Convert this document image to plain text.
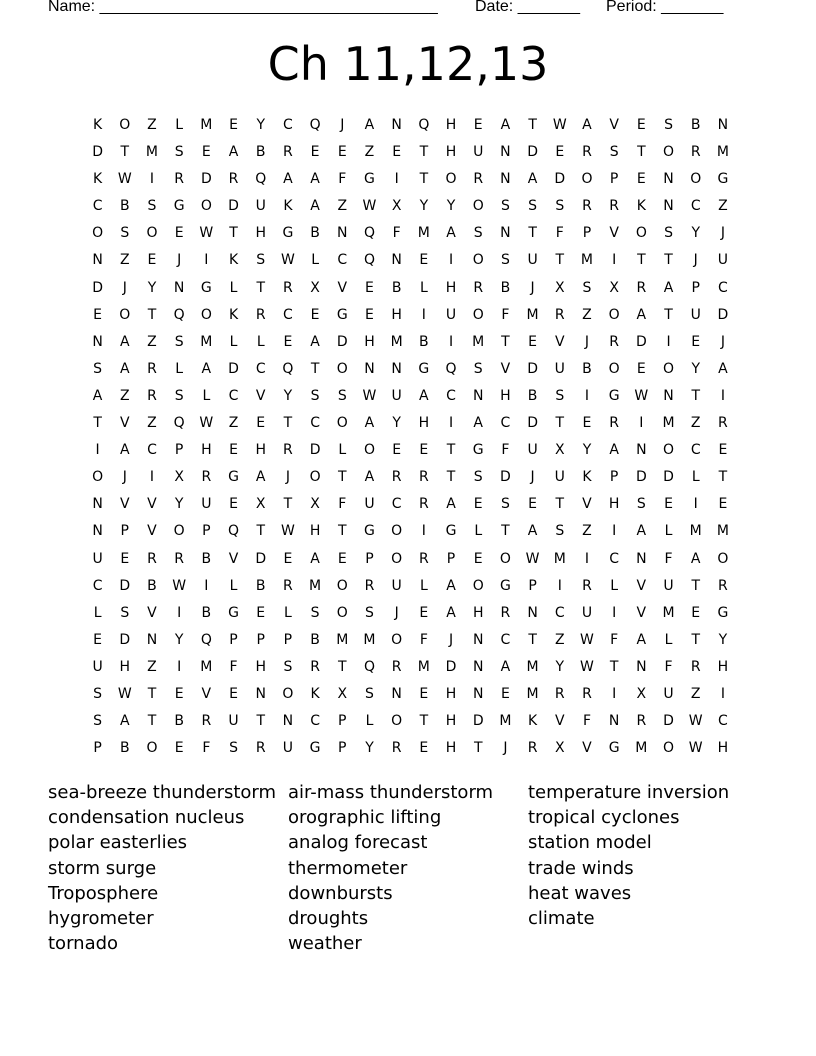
Name: ______________________________________ Date: _______ Period: _______
Ch 11,12,13
K	O	Z	L	M	E	Y	C	Q	J	A	N	Q	H	E	A	T	W	A	V	E	S	B	N
D	T	M	S	E	A	B	R	E	E	Z	E	T	H	U	N	D	E	R	S	T	O	R	M
K	W	I	R	D	R	Q	A	A	F	G	I	T	O	R	N	A	D	O	P	E	N	O	G
C	B	S	G	O	D	U	K	A	Z	W	X	Y	Y	O	S	S	S	R	R	K	N	C	Z
O	S	O	E	W	T	H	G	B	N	Q	F	M	A	S	N	T	F	P	V	O	S	Y	J
N	Z	E	J	I	K	S	W	L	C	Q	N	E	I	O	S	U	T	M	I	T	T	J	U
D	J	Y	N	G	L	T	R	X	V	E	B	L	H	R	B	J	X	S	X	R	A	P	C
E	O	T	Q	O	K	R	C	E	G	E	H	I	U	O	F	M	R	Z	O	A	T	U	D
N	A	Z	S	M	L	L	E	A	D	H	M	B	I	M	T	E	V	J	R	D	I	E	J
S	A	R	L	A	D	C	Q	T	O	N	N	G	Q	S	V	D	U	B	O	E	O	Y	A
A	Z	R	S	L	C	V	Y	S	S	W	U	A	C	N	H	B	S	I	G	W	N	T	I
T	V	Z	Q	W	Z	E	T	C	O	A	Y	H	I	A	C	D	T	E	R	I	M	Z	R
I	A	C	P	H	E	H	R	D	L	O	E	E	T	G	F	U	X	Y	A	N	O	C	E
O	J	I	X	R	G	A	J	O	T	A	R	R	T	S	D	J	U	K	P	D	D	L	T
N	V	V	Y	U	E	X	T	X	F	U	C	R	A	E	S	E	T	V	H	S	E	I	E
N	P	V	O	P	Q	T	W	H	T	G	O	I	G	L	T	A	S	Z	I	A	L	M	M
U	E	R	R	B	V	D	E	A	E	P	O	R	P	E	O	W	M	I	C	N	F	A	O
C	D	B	W	I	L	B	R	M	O	R	U	L	A	O	G	P	I	R	L	V	U	T	R
L	S	V	I	B	G	E	L	S	O	S	J	E	A	H	R	N	C	U	I	V	M	E	G
E	D	N	Y	Q	P	P	P	B	M	M	O	F	J	N	C	T	Z	W	F	A	L	T	Y
U	H	Z	I	M	F	H	S	R	T	Q	R	M	D	N	A	M	Y	W	T	N	F	R	H
S	W	T	E	V	E	N	O	K	X	S	N	E	H	N	E	M	R	R	I	X	U	Z	I
S	A	T	B	R	U	T	N	C	P	L	O	T	H	D	M	K	V	F	N	R	D	W	C
P	B	O	E	F	S	R	U	G	P	Y	R	E	H	T	J	R	X	V	G	M	O	W	H
sea-breeze thunderstorm
condensation nucleus
polar easterlies
storm surge
Troposphere
hygrometer
tornado
air-mass thunderstorm
orographic lifting
analog forecast
thermometer
downbursts
droughts
weather
temperature inversion
tropical cyclones
station model
trade winds
heat waves
climate
